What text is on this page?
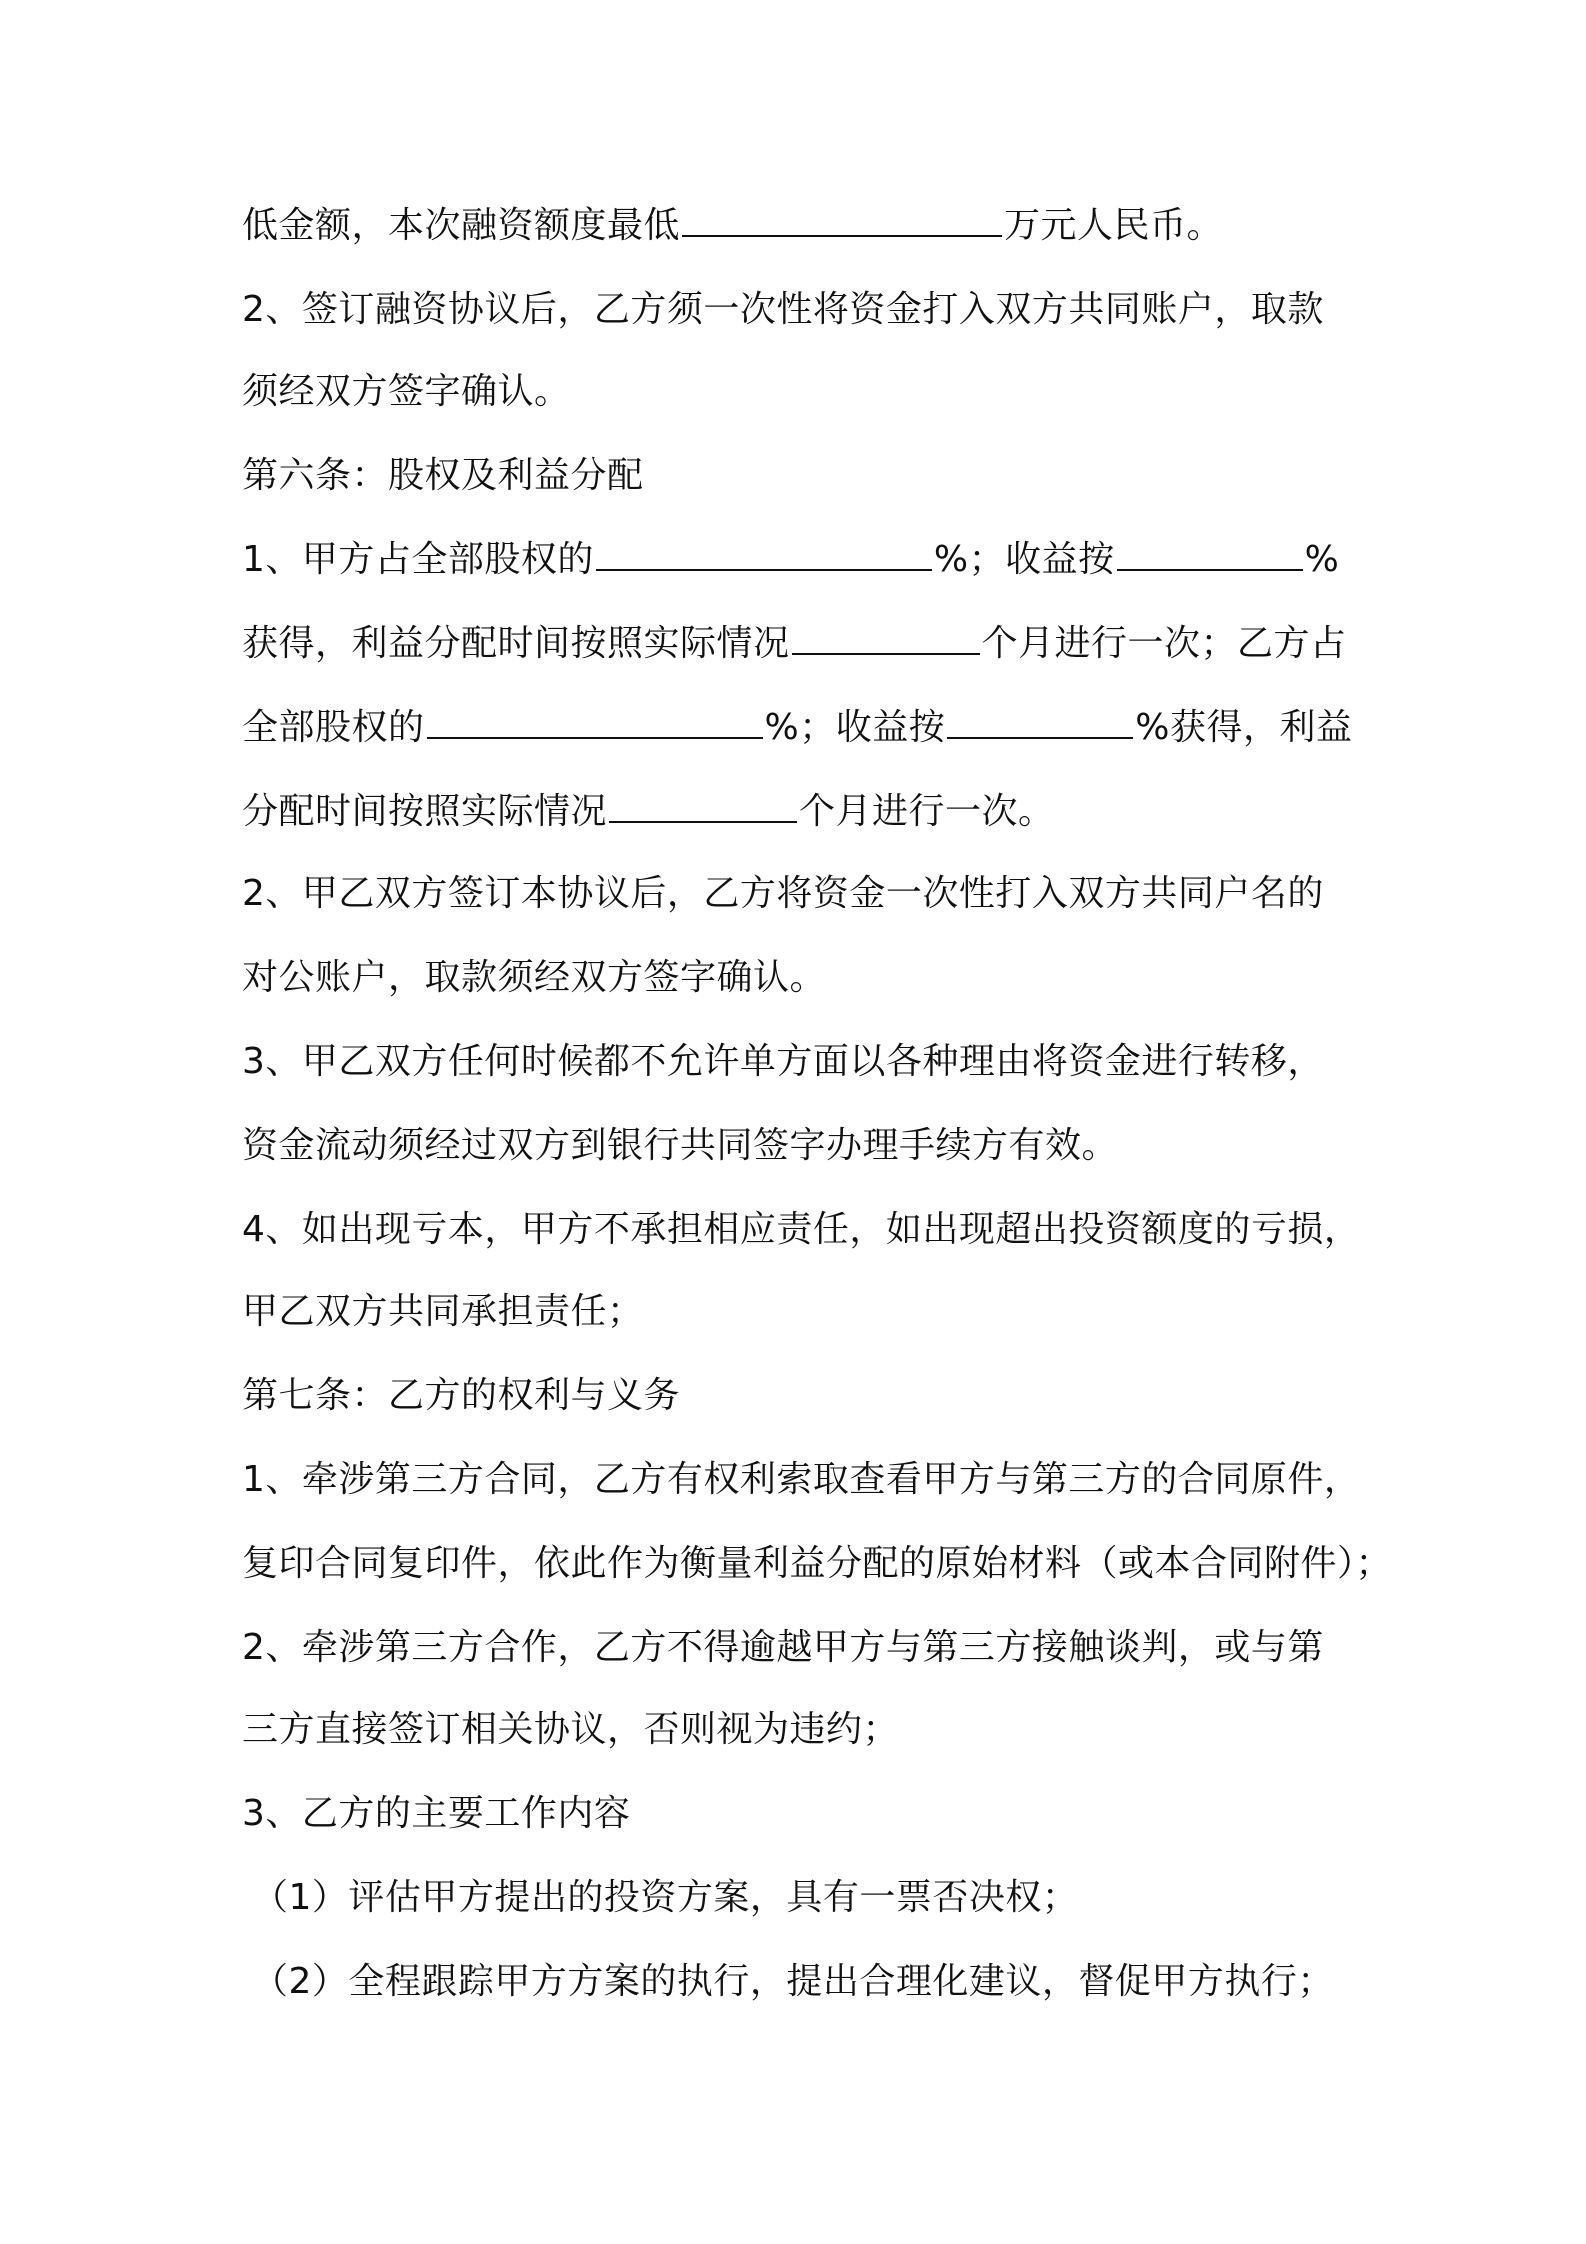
低金额，本次融资额度最低	万元人民币。
2、签订融资协议后，乙方须一次性将资金打入双方共同账户，取款
须经双方签字确认。
第六条：股权及利益分配
1、甲方占全部股权的	%；收益按	%
获得，利益分配时间按照实际情况	个月进行一次；乙方占
全部股权的	%；收益按	%获得，利益
分配时间按照实际情况	个月进行一次。
2、甲乙双方签订本协议后，乙方将资金一次性打入双方共同户名的
对公账户，取款须经双方签字确认。
3、甲乙双方任何时候都不允许单方面以各种理由将资金进行转移，
资金流动须经过双方到银行共同签字办理手续方有效。
4、如出现亏本，甲方不承担相应责任，如出现超出投资额度的亏损，
甲乙双方共同承担责任；
第七条：乙方的权利与义务
1、牵涉第三方合同，乙方有权利索取查看甲方与第三方的合同原件，
复印合同复印件，依此作为衡量利益分配的原始材料（或本合同附件）；
2、牵涉第三方合作，乙方不得逾越甲方与第三方接触谈判，或与第
三方直接签订相关协议，否则视为违约；
3、乙方的主要工作内容
（1）评估甲方提出的投资方案，具有一票否决权；
（2）全程跟踪甲方方案的执行，提出合理化建议，督促甲方执行；
